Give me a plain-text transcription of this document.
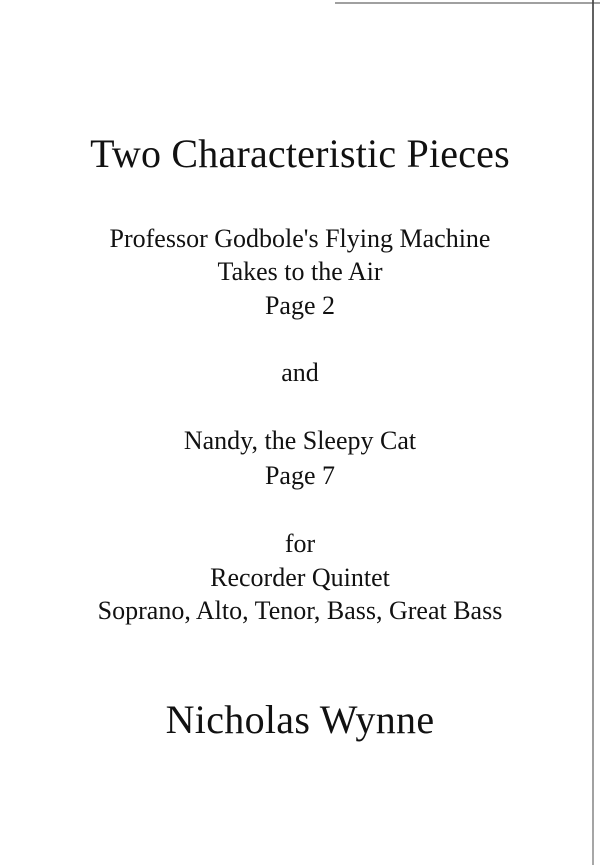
Two Characteristic Pieces
Professor Godbole's Flying Machine
Takes to the Air
Page 2
and
Nandy, the Sleepy Cat
Page 7
for
Recorder Quintet
Soprano, Alto, Tenor, Bass, Great Bass
Nicholas Wynne
